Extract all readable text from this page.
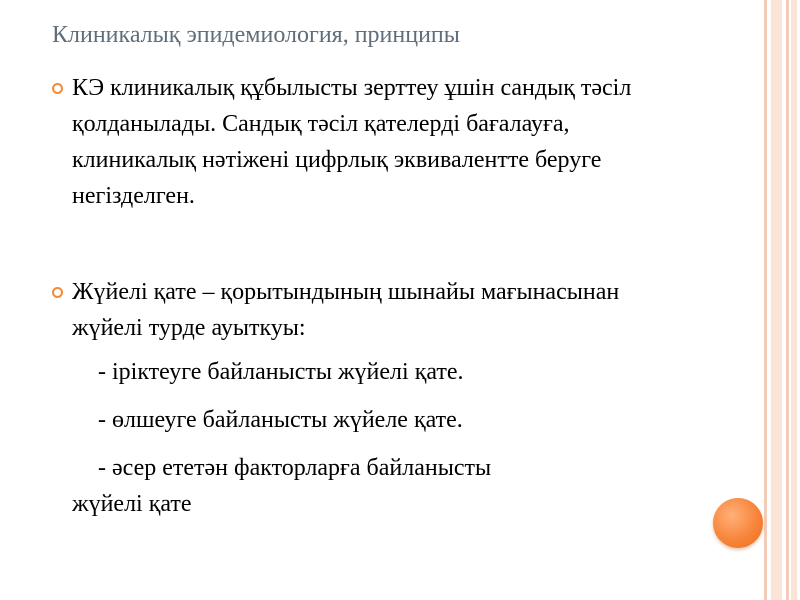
Клиникалық эпидемиология, принципы
КЭ клиникалық құбылысты зерттеу ұшін сандық тәсіл қолданылады. Сандық тәсіл қателерді бағалауға, клиникалық нәтіжені цифрлық эквивалентте беруге негізделген.
Жүйелі қате – қорытындының шынайы мағынасынан жүйелі турде ауыткуы:
- іріктеуге байланысты жүйелі қате.
- өлшеуге байланысты жүйеле қате.
- әсер ететән факторларға байланысты
жүйелі қате
